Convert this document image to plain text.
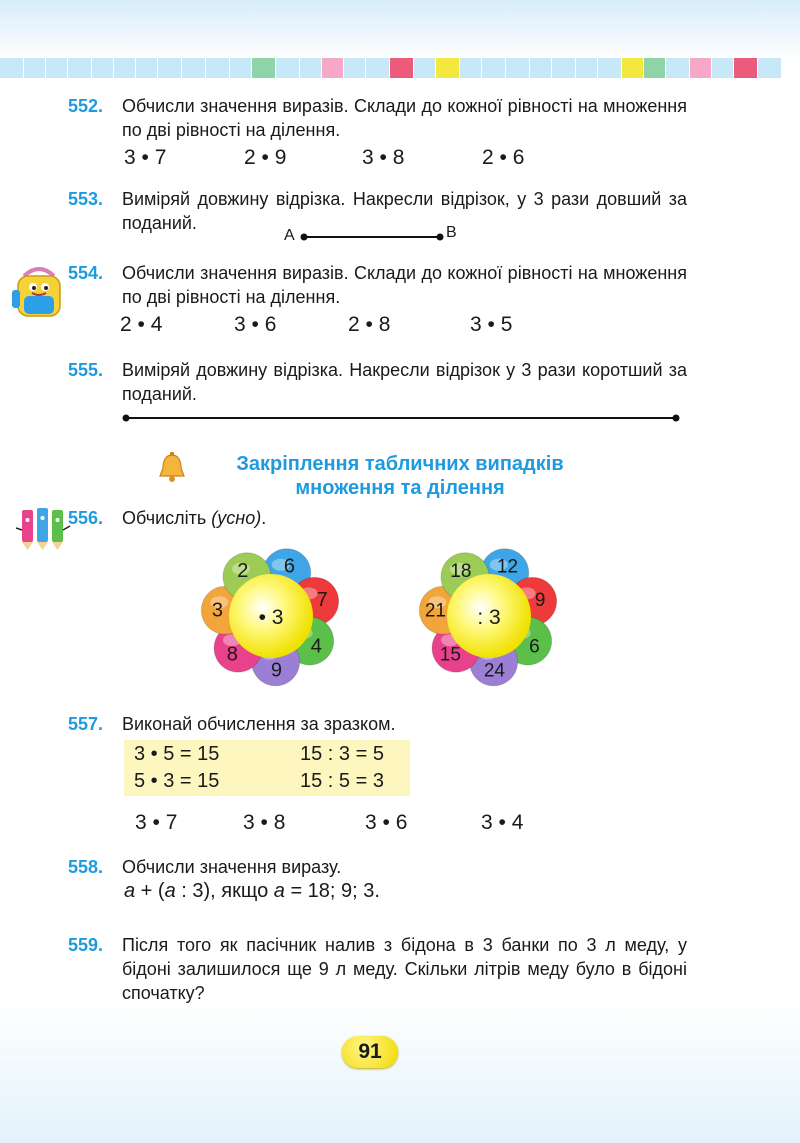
552. Обчисли значення виразів. Склади до кожної рівності на множення по дві рівності на ділення.
3 • 7	2 • 9	3 • 8	2 • 6
553. Виміряй довжину відрізка. Накресли відрізок, у 3 рази довший за поданий.
A	B
554. Обчисли значення виразів. Склади до кожної рівності на множення по дві рівності на ділення.
2 • 4	3 • 6	2 • 8	3 • 5
555. Виміряй довжину відрізка. Накресли відрізок у 3 рази коротший за поданий.
Закріплення табличних випадків
множення та ділення
556. Обчисліть (усно).
6
7
4
9
8
3
2
• 3
12
9
6
24
15
21
18
: 3
557. Виконай обчислення за зразком.
3 • 5 = 15	15 : 3 = 5
5 • 3 = 15	15 : 5 = 3
3 • 7	3 • 8	3 • 6	3 • 4
558. Обчисли значення виразу.
а + (а : 3), якщо а = 18; 9; 3.
559. Після того як пасічник налив з бідона в 3 банки по 3 л меду, у бідоні залишилося ще 9 л меду. Скільки літрів меду було в бідоні спочатку?
91
